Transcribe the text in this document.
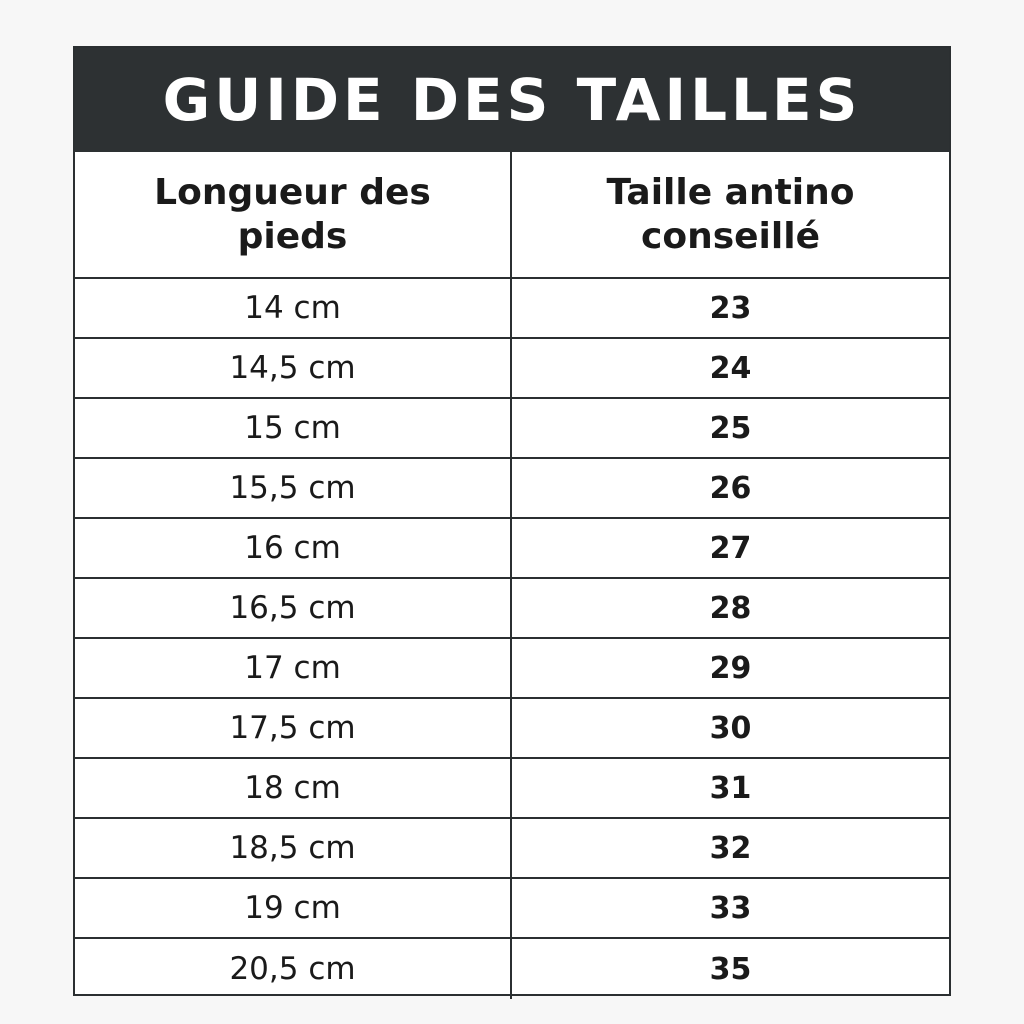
GUIDE DES TAILLES
Longueur des pieds
Taille antino conseillé
14 cm	23
14,5 cm	24
15 cm	25
15,5 cm	26
16 cm	27
16,5 cm	28
17 cm	29
17,5 cm	30
18 cm	31
18,5 cm	32
19 cm	33
20,5 cm	35
